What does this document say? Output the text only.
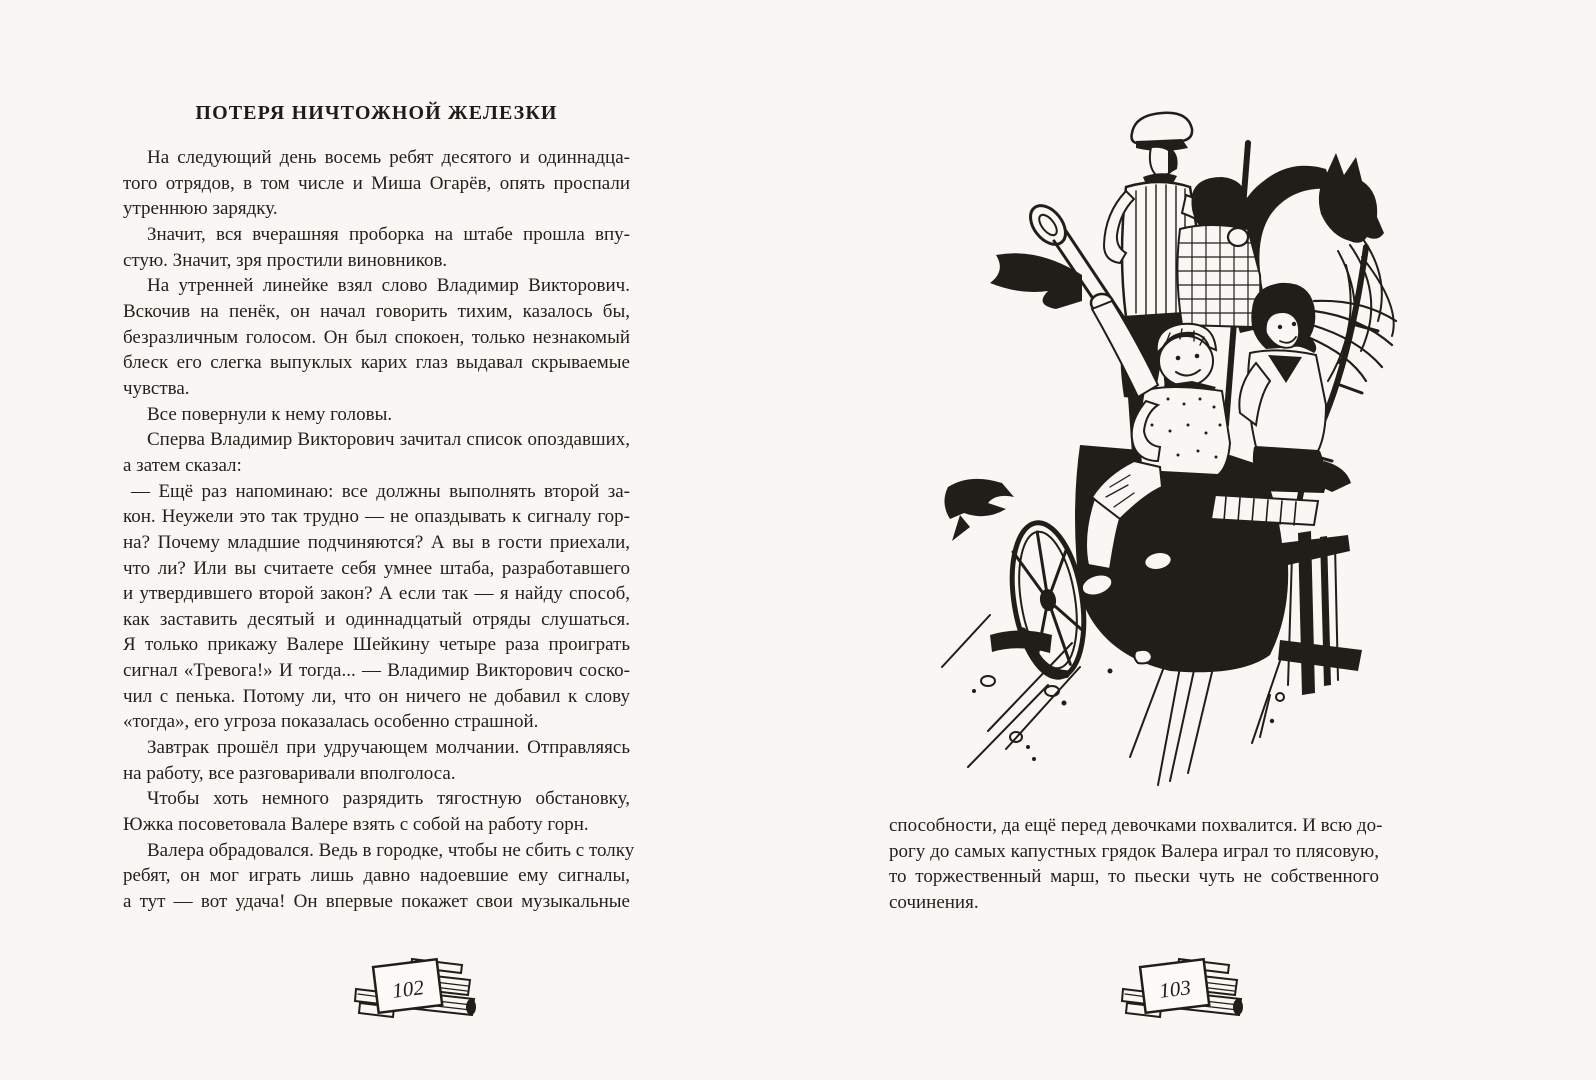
ПОТЕРЯ НИЧТОЖНОЙ ЖЕЛЕЗКИ
На следующий день восемь ребят десятого и одиннадца-
того отрядов, в том числе и Миша Огарёв, опять проспали
утреннюю зарядку.
Значит, вся вчерашняя проборка на штабе прошла впу-
стую. Значит, зря простили виновников.
На утренней линейке взял слово Владимир Викторович.
Вскочив на пенёк, он начал говорить тихим, казалось бы,
безразличным голосом. Он был спокоен, только незнакомый
блеск его слегка выпуклых карих глаз выдавал скрываемые
чувства.
Все повернули к нему головы.
Сперва Владимир Викторович зачитал список опоздавших,
а затем сказал:
— Ещё раз напоминаю: все должны выполнять второй за-
кон. Неужели это так трудно — не опаздывать к сигналу гор-
на? Почему младшие подчиняются? А вы в гости приехали,
что ли? Или вы считаете себя умнее штаба, разработавшего
и утвердившего второй закон? А если так — я найду способ,
как заставить десятый и одиннадцатый отряды слушаться.
Я только прикажу Валере Шейкину четыре раза проиграть
сигнал «Тревога!» И тогда... — Владимир Викторович соско-
чил с пенька. Потому ли, что он ничего не добавил к слову
«тогда», его угроза показалась особенно страшной.
Завтрак прошёл при удручающем молчании. Отправляясь
на работу, все разговаривали вполголоса.
Чтобы хоть немного разрядить тягостную обстановку,
Южка посоветовала Валере взять с собой на работу горн.
Валера обрадовался. Ведь в городке, чтобы не сбить с толку
ребят, он мог играть лишь давно надоевшие ему сигналы,
а тут — вот удача! Он впервые покажет свои музыкальные
способности, да ещё перед девочками похвалится. И всю до-
рогу до самых капустных грядок Валера играл то плясовую,
то торжественный марш, то пьески чуть не собственного
сочинения.
102	103
